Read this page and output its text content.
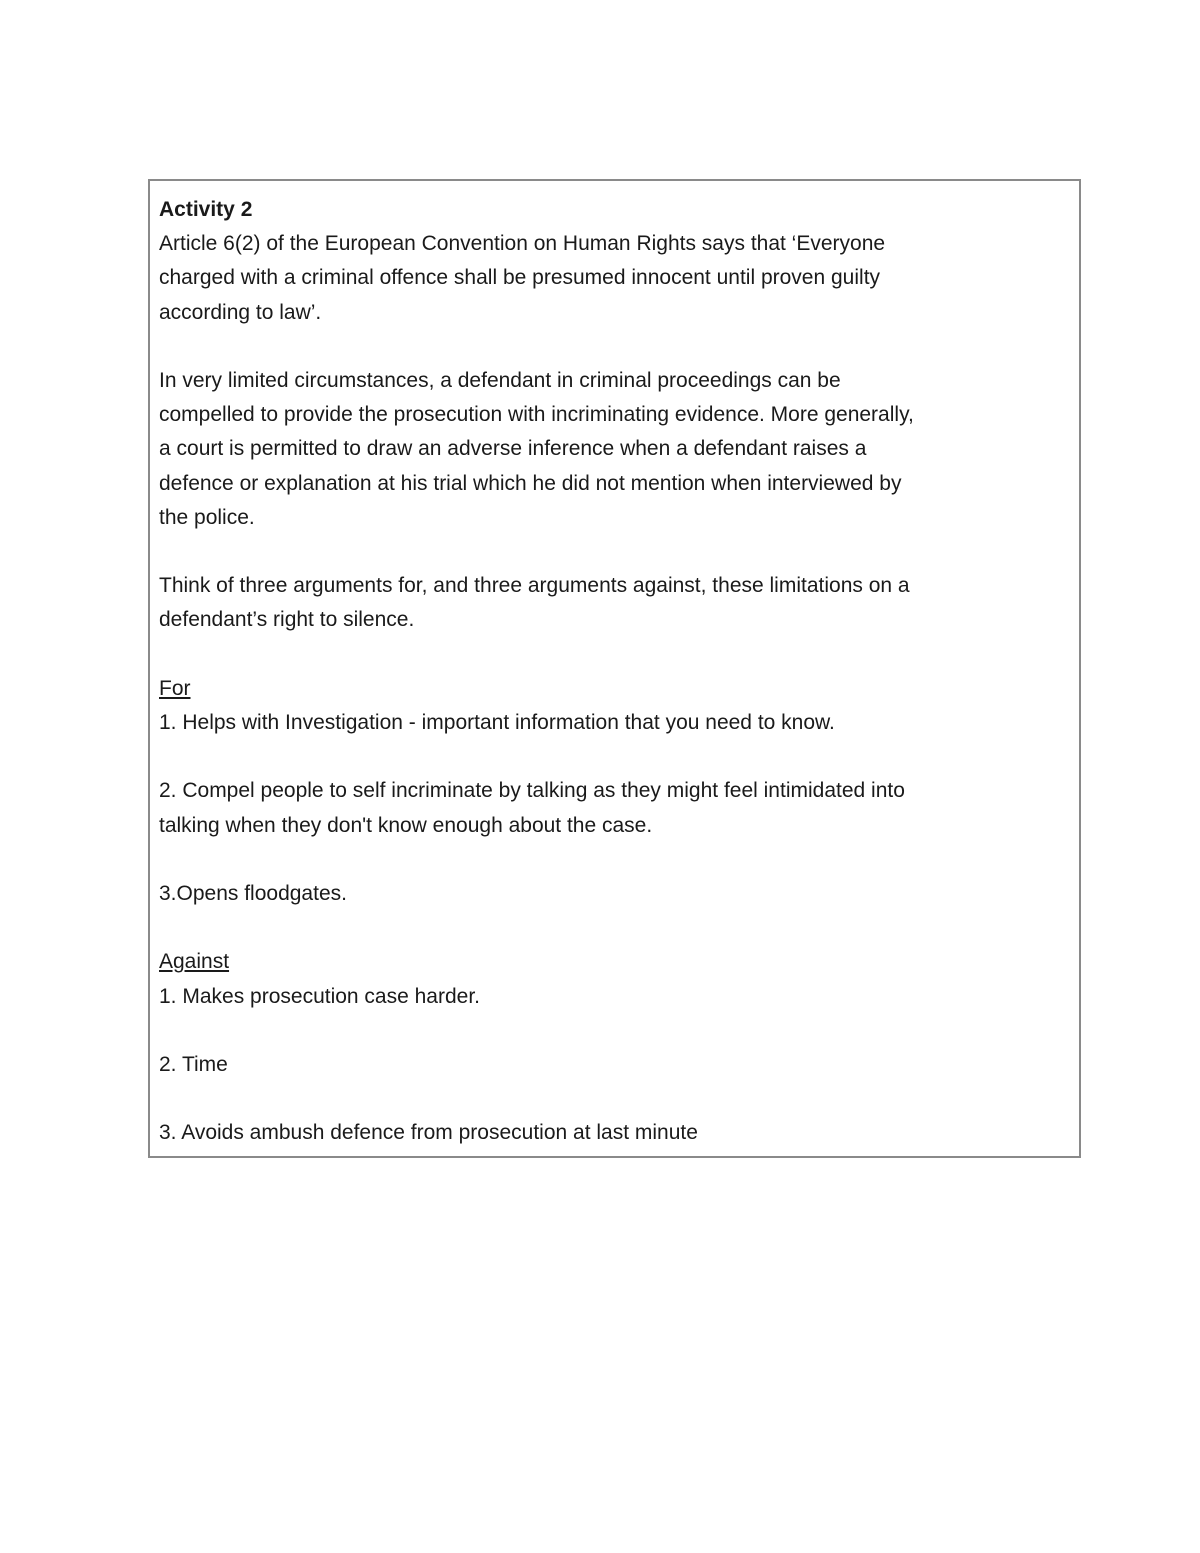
Activity 2

Article 6(2) of the European Convention on Human Rights says that ‘Everyone

charged with a criminal offence shall be presumed innocent until proven guilty

according to law’.

In very limited circumstances, a defendant in criminal proceedings can be

compelled to provide the prosecution with incriminating evidence. More generally,

a court is permitted to draw an adverse inference when a defendant raises a

defence or explanation at his trial which he did not mention when interviewed by

the police.

Think of three arguments for, and three arguments against, these limitations on a

defendant’s right to silence.

For

1. Helps with Investigation - important information that you need to know.

2. Compel people to self incriminate by talking as they might feel intimidated into

talking when they don't know enough about the case.

3.Opens floodgates.

Against

1. Makes prosecution case harder.

2. Time

3. Avoids ambush defence from prosecution at last minute
